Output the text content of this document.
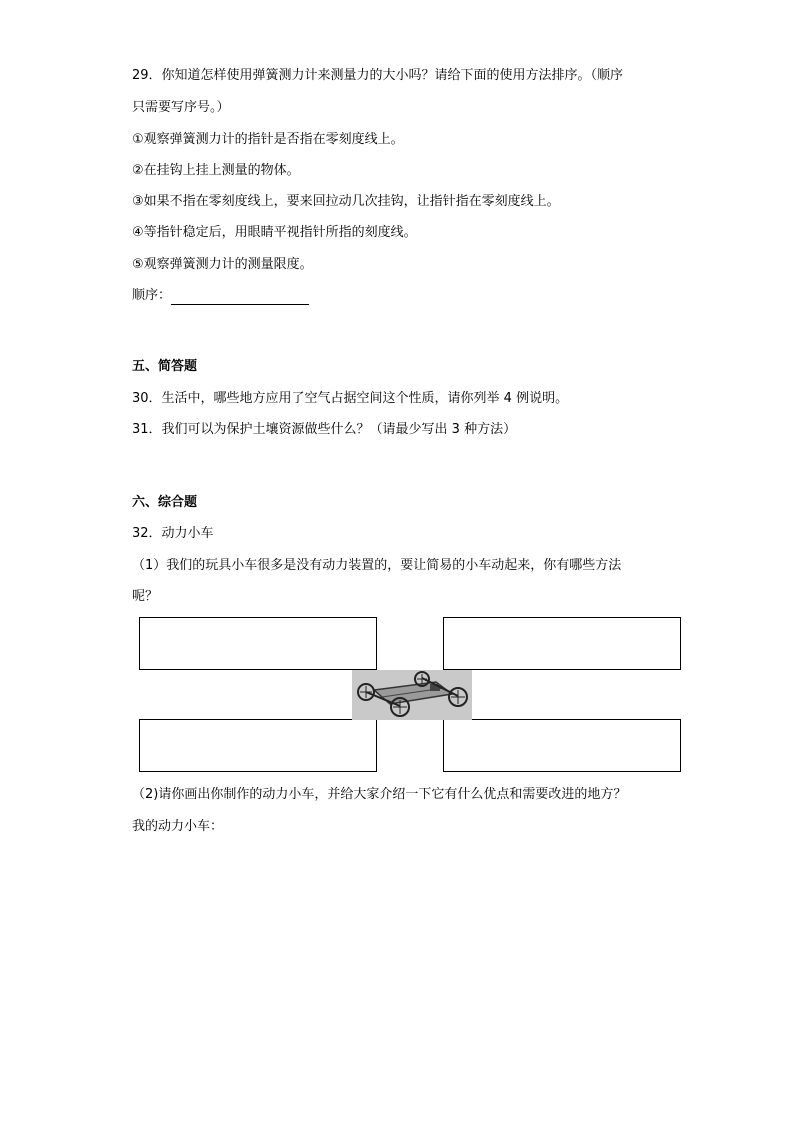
29．你知道怎样使用弹簧测力计来测量力的大小吗？请给下面的使用方法排序。（顺序
只需要写序号。）
①观察弹簧测力计的指针是否指在零刻度线上。
②在挂钩上挂上测量的物体。
③如果不指在零刻度线上，要来回拉动几次挂钩，让指针指在零刻度线上。
④等指针稳定后，用眼睛平视指针所指的刻度线。
⑤观察弹簧测力计的测量限度。
顺序：
五、简答题
30．生活中，哪些地方应用了空气占据空间这个性质，请你列举 4 例说明。
31．我们可以为保护土壤资源做些什么？（请最少写出 3 种方法）
六、综合题
32．动力小车
（1）我们的玩具小车很多是没有动力装置的，要让简易的小车动起来，你有哪些方法
呢？
（2)请你画出你制作的动力小车，并给大家介绍一下它有什么优点和需要改进的地方？
我的动力小车：
